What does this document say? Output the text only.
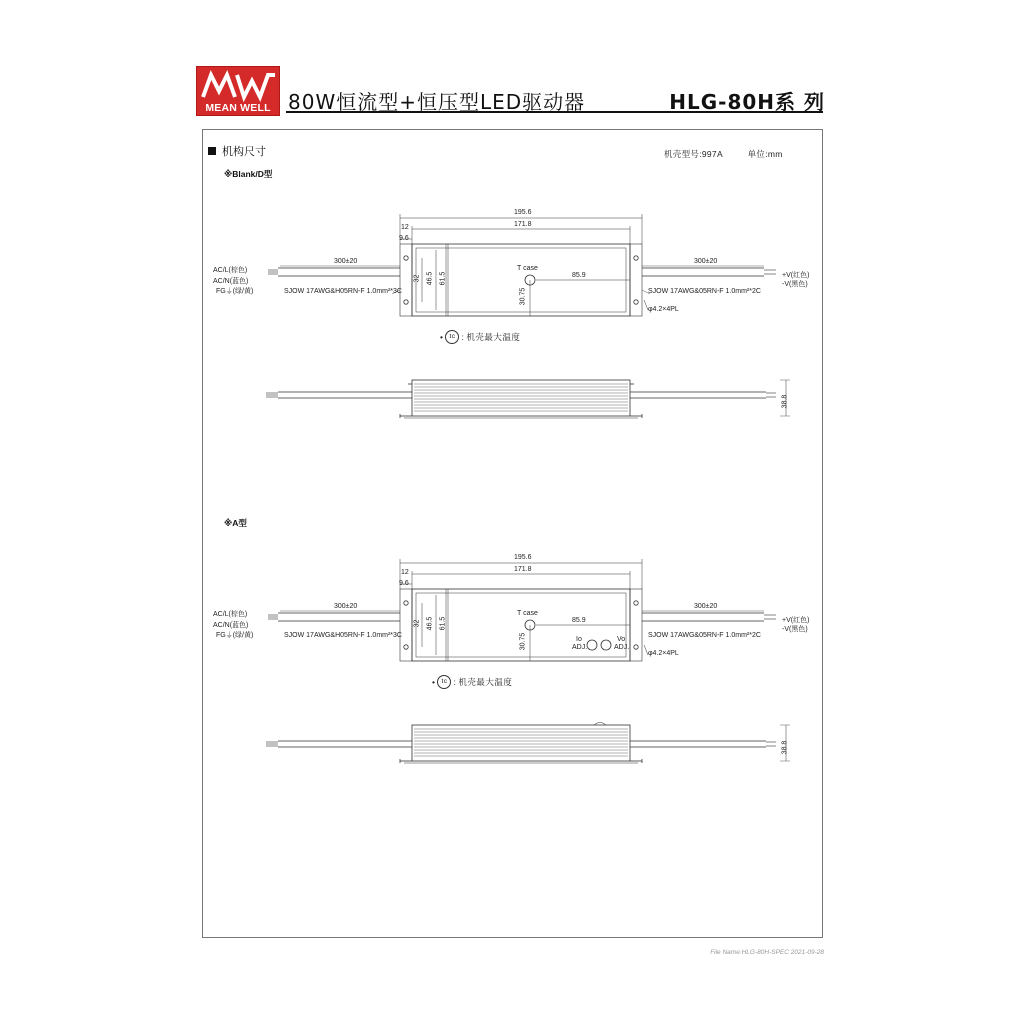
MEAN WELL 80W恒流型+恒压型LED驱动器	HLG-80H系 列
机构尺寸	机壳型号:997A	单位:mm
※Blank/D型
※A型
195.6
171.8
12
9.6
32 46.5 61.5
30.75
85.9
T case
300±20	300±20
AC/L(棕色)
AC/N(蓝色)
FG⏚(绿/黄)
+V(红色)
-V(黑色)
SJOW 17AWG&H05RN-F 1.0mm²*3C	SJOW 17AWG&05RN-F 1.0mm²*2C
φ4.2×4PL
38.8
• tc : 机壳最大温度
195.6
171.8
12
9.6
32 46.5 61.5
30.75
85.9
T case
300±20	300±20
AC/L(棕色)
AC/N(蓝色)
FG⏚(绿/黄)
+V(红色)
-V(黑色)
SJOW 17AWG&H05RN-F 1.0mm²*3C	SJOW 17AWG&05RN-F 1.0mm²*2C
φ4.2×4PL
Io
ADJ.
Vo
ADJ.
38.8
• tc : 机壳最大温度
File Name:HLG-80H-SPEC 2021-09-28
